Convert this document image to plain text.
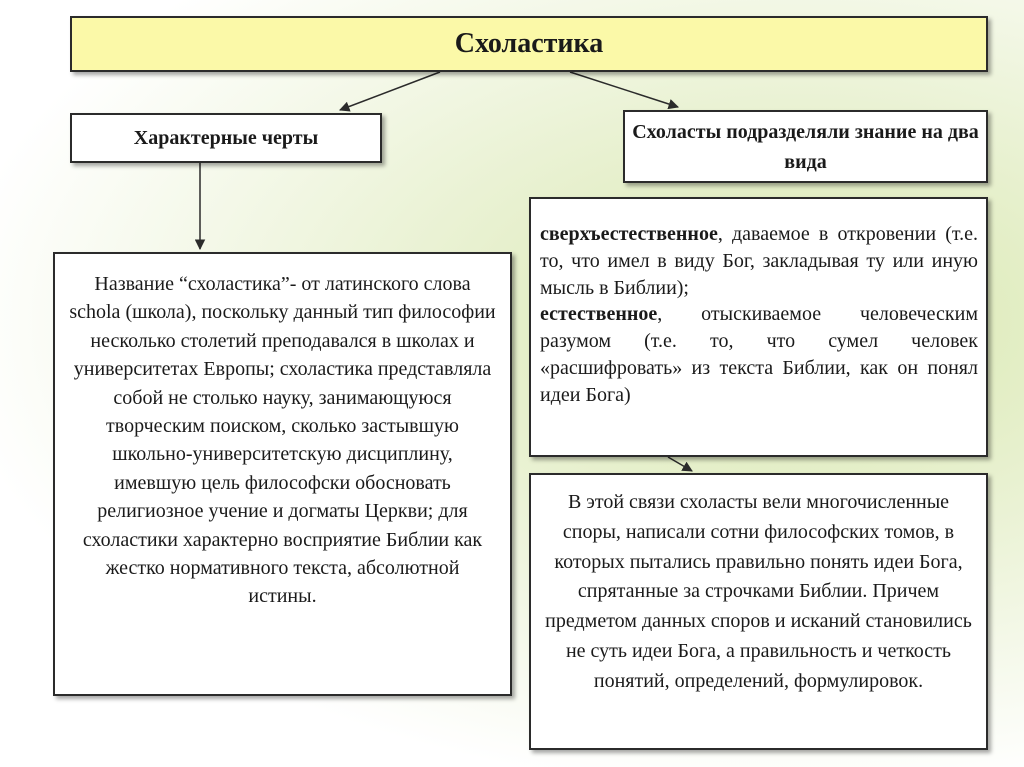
Схоластика
Характерные черты	Схоласты подразделяли знание на два вида
Название “схоластика”- от латинского слова schola (школа), поскольку данный тип философии несколько столетий преподавался в школах и университетах Европы; схоластика представляла собой не столько науку, занимающуюся творческим поиском, сколько застывшую школьно-университетскую дисциплину, имевшую цель философски обосновать религиозное учение и догматы Церкви; для схоластики характерно восприятие Библии как жестко нормативного текста, абсолютной истины.

сверхъестественное, даваемое в откровении (т.е. то, что имел в виду Бог, закладывая ту или иную мысль в Библии);

естественное, отыскиваемое человеческим разумом (т.е. то, что сумел человек «расшифровать» из текста Библии, как он понял идеи Бога)

В этой связи схоласты вели многочисленные споры, написали сотни философских томов, в которых пытались правильно понять идеи Бога, спрятанные за строчками Библии. Причем предметом данных споров и исканий становились не суть идеи Бога, а правильность и четкость понятий, определений, формулировок.
